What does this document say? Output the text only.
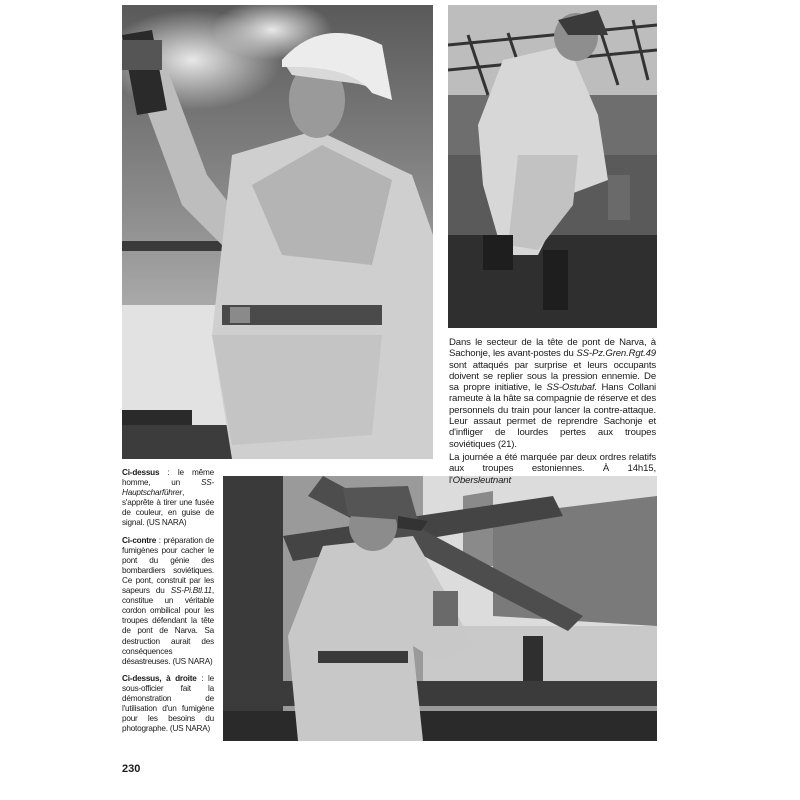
Dans le secteur de la tête de pont de Narva, à Sachonje, les avant-postes du SS-Pz.Gren.Rgt.49 sont attaqués par surprise et leurs occupants doivent se replier sous la pression ennemie. De sa propre initiative, le SS-Ostubaf. Hans Collani rameute à la hâte sa compagnie de réserve et des personnels du train pour lancer la contre-attaque. Leur assaut permet de reprendre Sachonje et d'infliger de lourdes pertes aux troupes soviétiques (21).

La journée a été marquée par deux ordres relatifs aux troupes estoniennes. À 14h15, l'Obersleutnant

Ci-dessus : le même homme, un SS-Hauptscharführer, s'apprête à tirer une fusée de couleur, en guise de signal. (US NARA)

Ci-contre : préparation de fumigènes pour cacher le pont du génie des bombardiers soviétiques. Ce pont, construit par les sapeurs du SS-Pi.Btl.11, constitue un véritable cordon ombilical pour les troupes défendant la tête de pont de Narva. Sa destruction aurait des conséquences désastreuses. (US NARA)

Ci-dessus, à droite : le sous-officier fait la démonstration de l'utilisation d'un fumigène pour les besoins du photographe. (US NARA)

230
